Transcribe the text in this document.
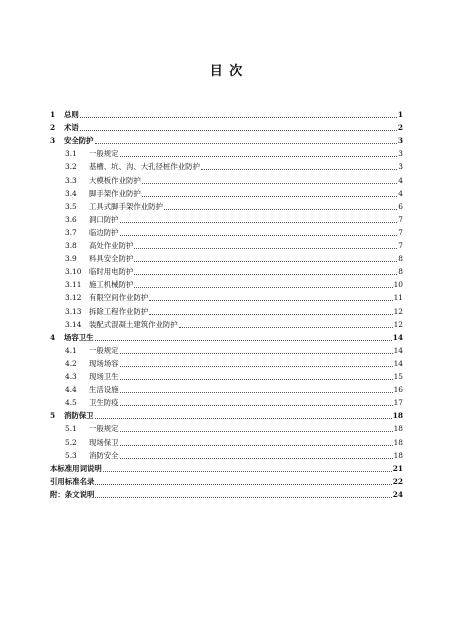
目 次
1	总则	1
2	术语	2
3	安全防护	3
3.1	一般规定	3
3.2	基槽、坑、沟、大孔径桩作业防护	3
3.3	大模板作业防护	4
3.4	脚手架作业防护	4
3.5	工具式脚手架作业防护	6
3.6	洞口防护	7
3.7	临边防护	7
3.8	高处作业防护	7
3.9	料具安全防护	8
3.10	临时用电防护	8
3.11	施工机械防护	10
3.12	有限空间作业防护	11
3.13	拆除工程作业防护	12
3.14	装配式混凝土建筑作业防护	12
4	场容卫生	14
4.1	一般规定	14
4.2	现场场容	14
4.3	现场卫生	15
4.4	生活设施	16
4.5	卫生防疫	17
5	消防保卫	18
5.1	一般规定	18
5.2	现场保卫	18
5.3	消防安全	18
本标准用词说明	21
引用标准名录	22
附：条文说明	24
